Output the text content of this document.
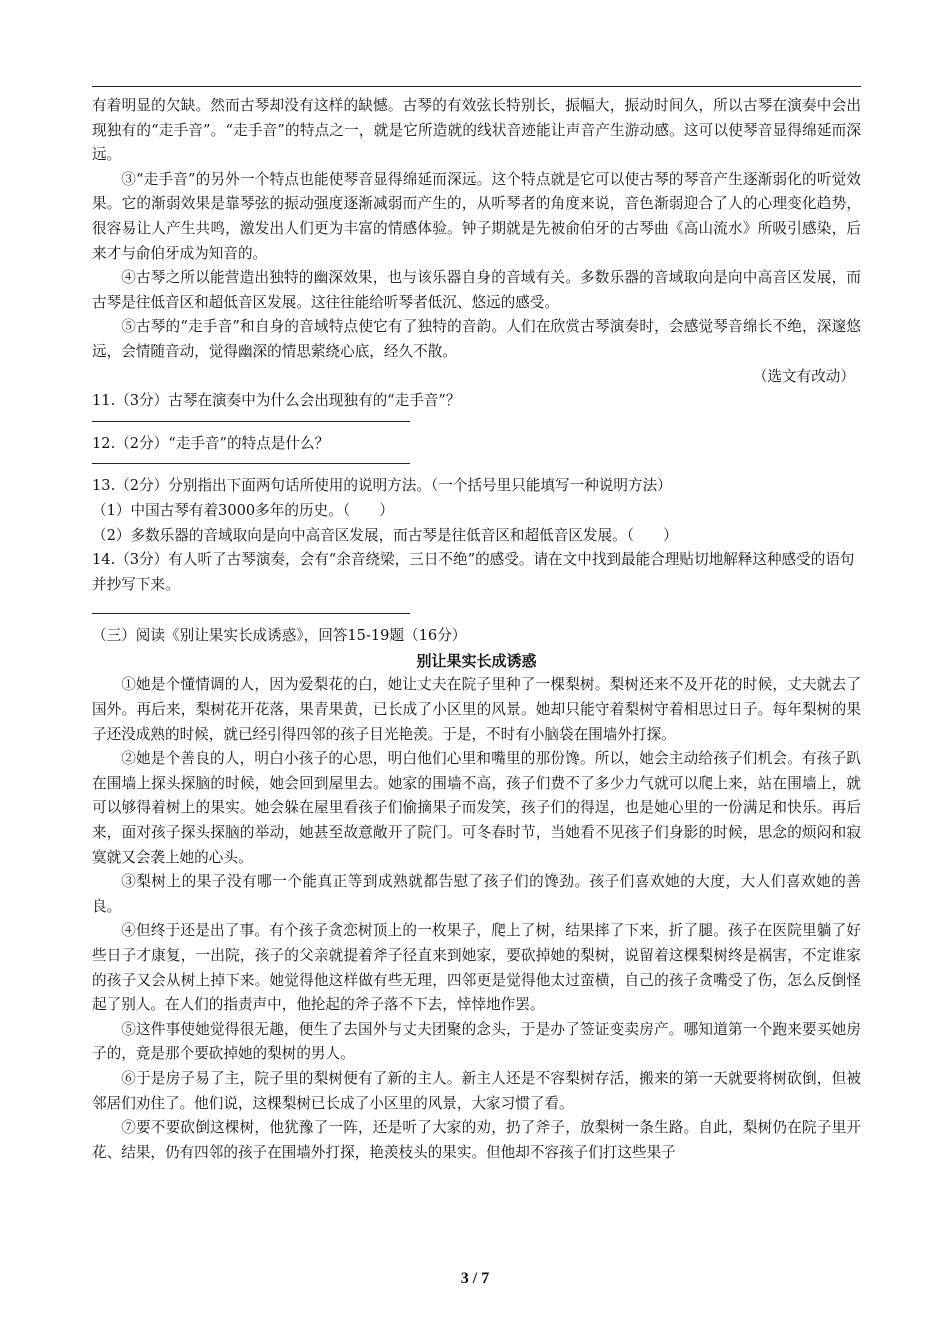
有着明显的欠缺。然而古琴却没有这样的缺憾。古琴的有效弦长特别长，振幅大，振动时间久，所以古琴在演奏中会出现独有的“走手音”。“走手音”的特点之一，就是它所造就的线状音迹能让声音产生游动感。这可以使琴音显得绵延而深远。

③“走手音”的另外一个特点也能使琴音显得绵延而深远。这个特点就是它可以使古琴的琴音产生逐渐弱化的听觉效果。它的渐弱效果是靠琴弦的振动强度逐渐减弱而产生的，从听琴者的角度来说，音色渐弱迎合了人的心理变化趋势，很容易让人产生共鸣，激发出人们更为丰富的情感体验。钟子期就是先被俞伯牙的古琴曲《高山流水》所吸引感染，后来才与俞伯牙成为知音的。

④古琴之所以能营造出独特的幽深效果，也与该乐器自身的音域有关。多数乐器的音域取向是向中高音区发展，而古琴是往低音区和超低音区发展。这往往能给听琴者低沉、悠远的感受。

⑤古琴的“走手音”和自身的音域特点使它有了独特的音韵。人们在欣赏古琴演奏时，会感觉琴音绵长不绝，深邃悠远，会情随音动，觉得幽深的情思萦绕心底，经久不散。

（选文有改动）

11.（3分）古琴在演奏中为什么会出现独有的“走手音”？

12.（2分）“走手音”的特点是什么？

13.（2分）分别指出下面两句话所使用的说明方法。（一个括号里只能填写一种说明方法）

（1）中国古琴有着3000多年的历史。（　　）

（2）多数乐器的音域取向是向中高音区发展，而古琴是往低音区和超低音区发展。（　　）

14.（3分）有人听了古琴演奏，会有“余音绕梁，三日不绝”的感受。请在文中找到最能合理贴切地解释这种感受的语句并抄写下来。

（三）阅读《别让果实长成诱惑》，回答15-19题（16分）

别让果实长成诱惑

①她是个懂情调的人，因为爱梨花的白，她让丈夫在院子里种了一棵梨树。梨树还来不及开花的时候，丈夫就去了国外。再后来，梨树花开花落，果青果黄，已长成了小区里的风景。她却只能守着梨树守着相思过日子。每年梨树的果子还没成熟的时候，就已经引得四邻的孩子目光艳羡。于是，不时有小脑袋在围墙外打探。

②她是个善良的人，明白小孩子的心思，明白他们心里和嘴里的那份馋。所以，她会主动给孩子们机会。有孩子趴在围墙上探头探脑的时候，她会回到屋里去。她家的围墙不高，孩子们费不了多少力气就可以爬上来，站在围墙上，就可以够得着树上的果实。她会躲在屋里看孩子们偷摘果子而发笑，孩子们的得逞，也是她心里的一份满足和快乐。再后来，面对孩子探头探脑的举动，她甚至故意敞开了院门。可冬春时节，当她看不见孩子们身影的时候，思念的烦闷和寂寞就又会袭上她的心头。

③梨树上的果子没有哪一个能真正等到成熟就都告慰了孩子们的馋劲。孩子们喜欢她的大度，大人们喜欢她的善良。

④但终于还是出了事。有个孩子贪恋树顶上的一枚果子，爬上了树，结果摔了下来，折了腿。孩子在医院里躺了好些日子才康复，一出院，孩子的父亲就提着斧子径直来到她家，要砍掉她的梨树，说留着这棵梨树终是祸害，不定谁家的孩子又会从树上掉下来。她觉得他这样做有些无理，四邻更是觉得他太过蛮横，自己的孩子贪嘴受了伤，怎么反倒怪起了别人。在人们的指责声中，他抡起的斧子落不下去，悻悻地作罢。

⑤这件事使她觉得很无趣，便生了去国外与丈夫团聚的念头，于是办了签证变卖房产。哪知道第一个跑来要买她房子的，竟是那个要砍掉她的梨树的男人。

⑥于是房子易了主，院子里的梨树便有了新的主人。新主人还是不容梨树存活，搬来的第一天就要将树砍倒，但被邻居们劝住了。他们说，这棵梨树已长成了小区里的风景，大家习惯了看。

⑦要不要砍倒这棵树，他犹豫了一阵，还是听了大家的劝，扔了斧子，放梨树一条生路。自此，梨树仍在院子里开花、结果，仍有四邻的孩子在围墙外打探，艳羡枝头的果实。但他却不容孩子们打这些果子

3 / 7
